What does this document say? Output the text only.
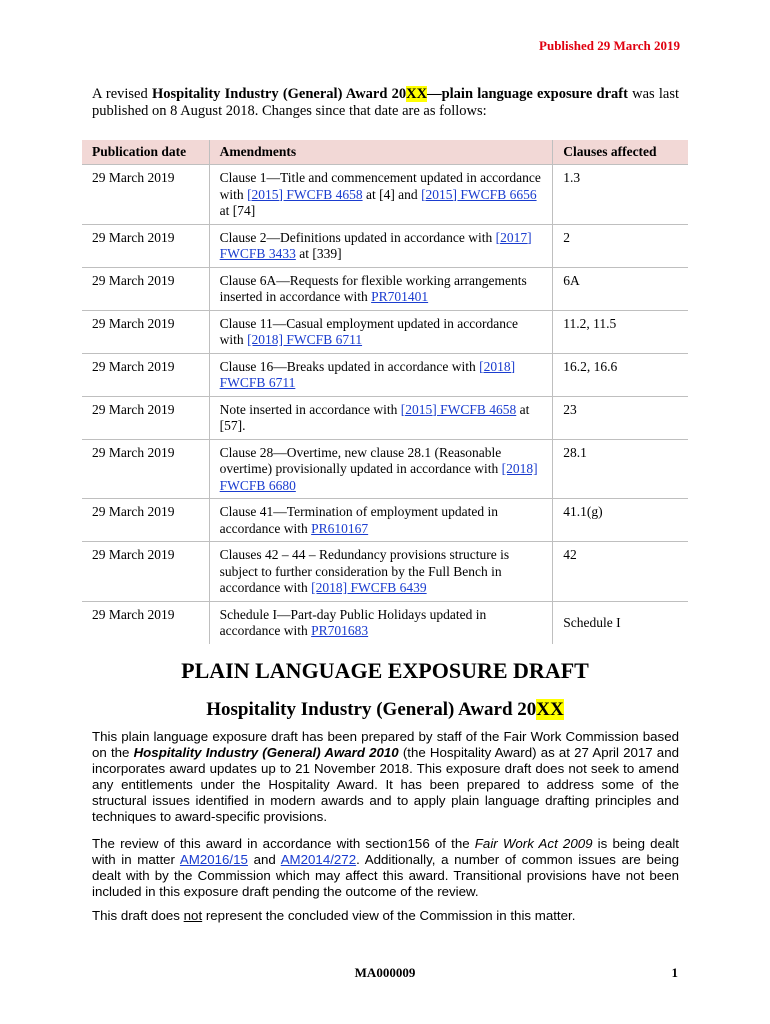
Published 29 March 2019
A revised Hospitality Industry (General) Award 20XX—plain language exposure draft was last published on 8 August 2018. Changes since that date are as follows:
Publication date	Amendments	Clauses affected
29 March 2019	Clause 1—Title and commencement updated in accordance with [2015] FWCFB 4658 at [4] and [2015] FWCFB 6656 at [74]	1.3
29 March 2019	Clause 2—Definitions updated in accordance with [2017] FWCFB 3433 at [339]	2
29 March 2019	Clause 6A—Requests for flexible working arrangements inserted in accordance with PR701401	6A
29 March 2019	Clause 11—Casual employment updated in accordance with [2018] FWCFB 6711	11.2, 11.5
29 March 2019	Clause 16—Breaks updated in accordance with [2018] FWCFB 6711	16.2, 16.6
29 March 2019	Note inserted in accordance with [2015] FWCFB 4658 at [57].	23
29 March 2019	Clause 28—Overtime, new clause 28.1 (Reasonable overtime) provisionally updated in accordance with [2018] FWCFB 6680	28.1
29 March 2019	Clause 41—Termination of employment updated in accordance with PR610167	41.1(g)
29 March 2019	Clauses 42 – 44 – Redundancy provisions structure is subject to further consideration by the Full Bench in accordance with [2018] FWCFB 6439	42
29 March 2019	Schedule I—Part-day Public Holidays updated in accordance with PR701683	Schedule I
PLAIN LANGUAGE EXPOSURE DRAFT
Hospitality Industry (General) Award 20XX
This plain language exposure draft has been prepared by staff of the Fair Work Commission based on the Hospitality Industry (General) Award 2010 (the Hospitality Award) as at 27 April 2017 and incorporates award updates up to 21 November 2018. This exposure draft does not seek to amend any entitlements under the Hospitality Award. It has been prepared to address some of the structural issues identified in modern awards and to apply plain language drafting principles and techniques to award-specific provisions.
The review of this award in accordance with section156 of the Fair Work Act 2009 is being dealt with in matter AM2016/15 and AM2014/272. Additionally, a number of common issues are being dealt with by the Commission which may affect this award. Transitional provisions have not been included in this exposure draft pending the outcome of the review.
This draft does not represent the concluded view of the Commission in this matter.
MA000009	1
